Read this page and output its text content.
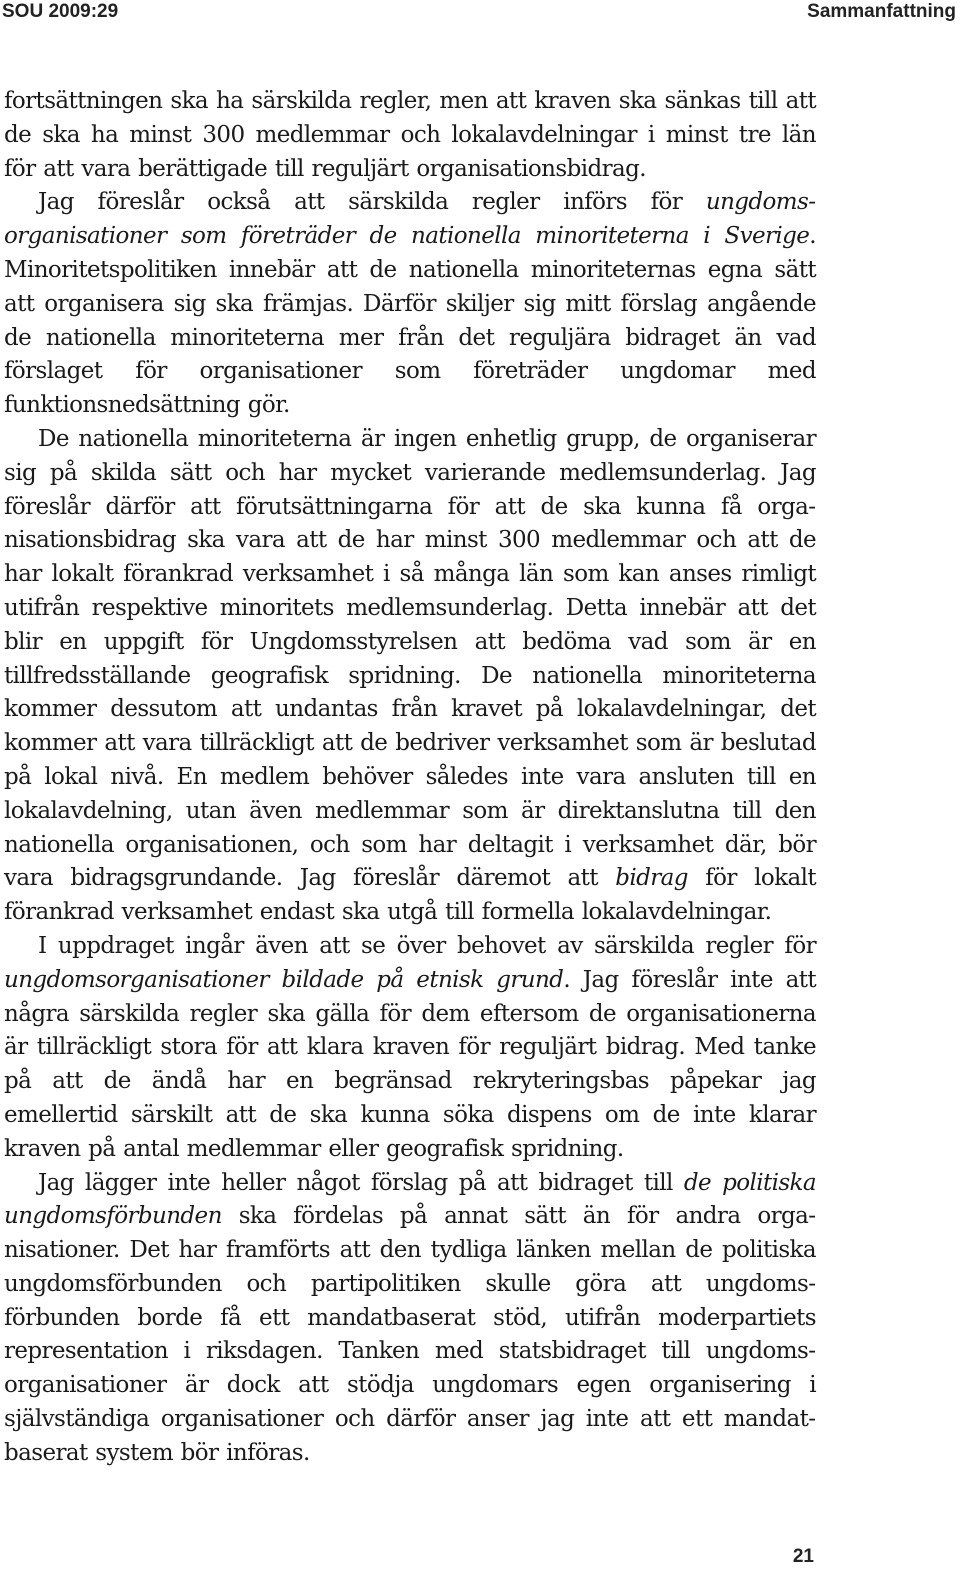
SOU 2009:29	Sammanfattning

fortsättningen ska ha särskilda regler, men att kraven ska sänkas till att de ska ha minst 300 medlemmar och lokalavdelningar i minst tre län för att vara berättigade till reguljärt organisationsbidrag.

Jag föreslår också att särskilda regler införs för ungdomsorganisationer som företräder de nationella minoriteterna i Sverige. Minoritetspolitiken innebär att de nationella minoriteternas egna sätt att organisera sig ska främjas. Därför skiljer sig mitt förslag angående de nationella minoriteterna mer från det reguljära bidraget än vad förslaget för organisationer som företräder ungdomar med funktionsnedsättning gör.

De nationella minoriteterna är ingen enhetlig grupp, de organiserar sig på skilda sätt och har mycket varierande medlemsunderlag. Jag föreslår därför att förutsättningarna för att de ska kunna få organisationsbidrag ska vara att de har minst 300 medlemmar och att de har lokalt förankrad verksamhet i så många län som kan anses rimligt utifrån respektive minoritets medlemsunderlag. Detta innebär att det blir en uppgift för Ungdomsstyrelsen att bedöma vad som är en tillfredsställande geografisk spridning. De nationella minoriteterna kommer dessutom att undantas från kravet på lokalavdelningar, det kommer att vara tillräckligt att de bedriver verksamhet som är beslutad på lokal nivå. En medlem behöver således inte vara ansluten till en lokalavdelning, utan även medlemmar som är direktanslutna till den nationella organisationen, och som har deltagit i verksamhet där, bör vara bidragsgrundande. Jag föreslår däremot att bidrag för lokalt förankrad verksamhet endast ska utgå till formella lokalavdelningar.

I uppdraget ingår även att se över behovet av särskilda regler för ungdomsorganisationer bildade på etnisk grund. Jag föreslår inte att några särskilda regler ska gälla för dem eftersom de organisationerna är tillräckligt stora för att klara kraven för reguljärt bidrag. Med tanke på att de ändå har en begränsad rekryteringsbas påpekar jag emellertid särskilt att de ska kunna söka dispens om de inte klarar kraven på antal medlemmar eller geografisk spridning.

Jag lägger inte heller något förslag på att bidraget till de politiska ungdomsförbunden ska fördelas på annat sätt än för andra organisationer. Det har framförts att den tydliga länken mellan de politiska ungdomsförbunden och partipolitiken skulle göra att ungdomsförbunden borde få ett mandatbaserat stöd, utifrån moderpartiets representation i riksdagen. Tanken med statsbidraget till ungdomsorganisationer är dock att stödja ungdomars egen organisering i självständiga organisationer och därför anser jag inte att ett mandatbaserat system bör införas.

21
